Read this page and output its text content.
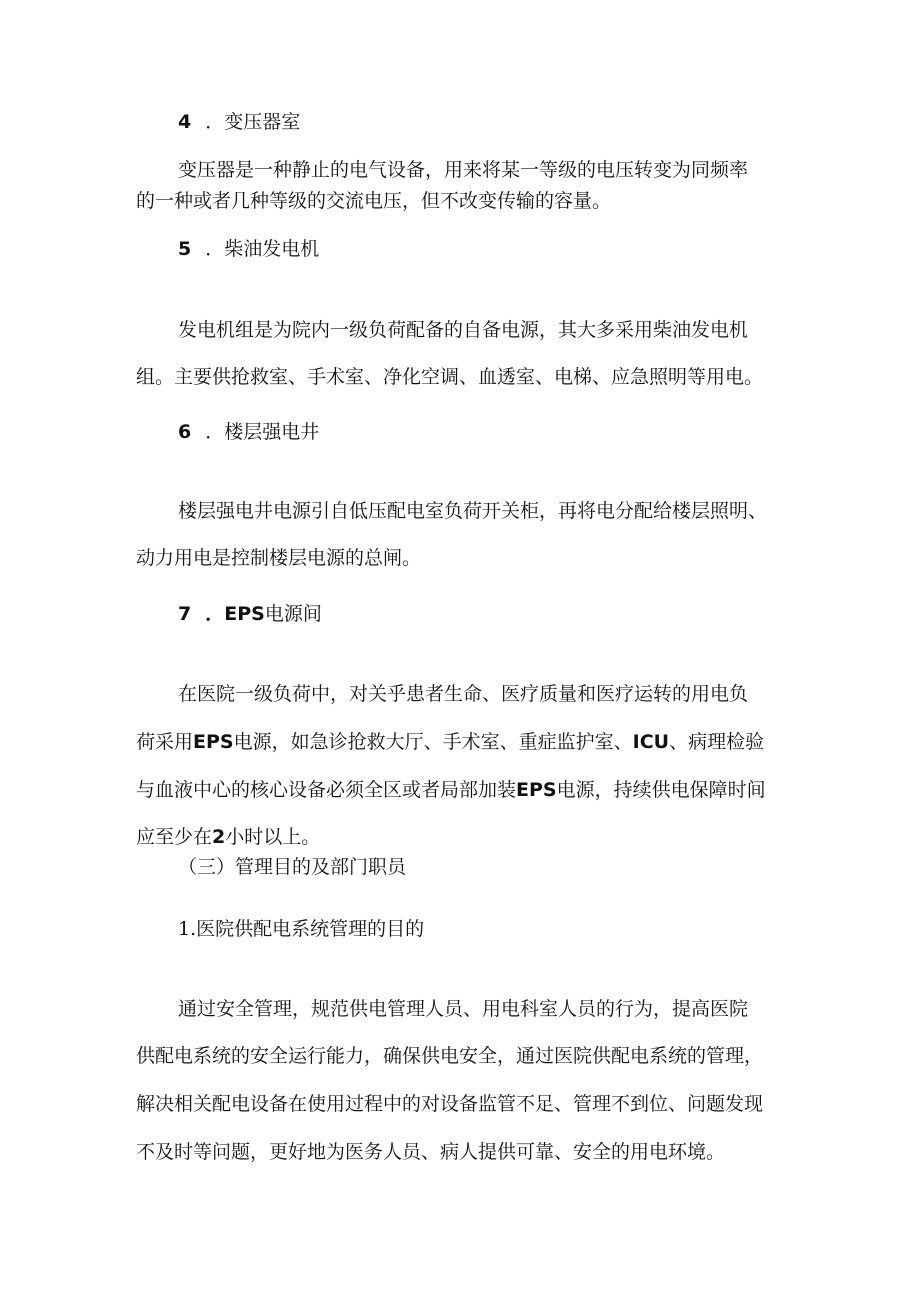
4 ．变压器室

变压器是一种静止的电气设备，用来将某一等级的电压转变为同频率

的一种或者几种等级的交流电压，但不改变传输的容量。

5 ．柴油发电机

发电机组是为院内一级负荷配备的自备电源，其大多采用柴油发电机

组。主要供抢救室、手术室、净化空调、血透室、电梯、应急照明等用电。

6 ．楼层强电井

楼层强电井电源引自低压配电室负荷开关柜，再将电分配给楼层照明、

动力用电是控制楼层电源的总闸。

7 ．EPS电源间

在医院一级负荷中，对关乎患者生命、医疗质量和医疗运转的用电负

荷采用EPS电源，如急诊抢救大厅、手术室、重症监护室、ICU、病理检验

与血液中心的核心设备必须全区或者局部加装EPS电源，持续供电保障时间

应至少在2小时以上。

（三）管理目的及部门职员

1.医院供配电系统管理的目的

通过安全管理，规范供电管理人员、用电科室人员的行为，提高医院

供配电系统的安全运行能力，确保供电安全，通过医院供配电系统的管理，

解决相关配电设备在使用过程中的对设备监管不足、管理不到位、问题发现

不及时等问题，更好地为医务人员、病人提供可靠、安全的用电环境。
